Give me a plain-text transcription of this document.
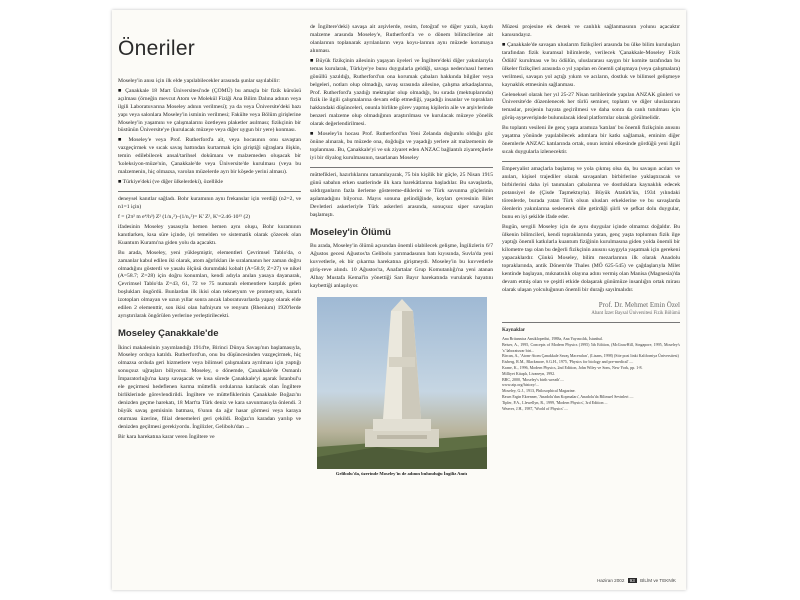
Öneriler

Moseley'in anısı için ilk elde yapılabilecekler arasında şunlar sayılabilir:

■ Çanakkale 18 Mart Üniversitesi'nde (ÇOMÜ) bu amaçla bir fizik kürsüsü açılması (örneğin mevcut Atom ve Molekül Fiziği Ana Bilim Dalına adının veya ilgili Laboratuvarına Moseley adının verilmesi); ya da veya Üniversite'deki bazı yapı veya salonlara Moseley'in isminin verilmesi; Fakülte veya Bölüm girişlerine Moseley'in yaşamını ve çalışmalarını özetleyen plaketler asılması; fizikçinin bir büstünün Üniversite'ye (kurulacak müzeye veya diğer uygun bir yere) konması.

■ Moseley'e veya Prof. Rutherford'a ait, veya hocasının onu savaştan vazgeçirmek ve sıcak savaş hattından kurtarmak için giriştiği uğraşlara ilişkin, temin edilebilecek ansal/tarihsel dokümanı ve malzemeden oluşacak bir 'koleksiyon-müze'nin, Çanakkale'de veya Üniversite'de kurulması (veya bu malzemenin, hiç olmazsa, varolan müzelerde ayrı bir köşede yerini alması).

■ Türkiye'deki (ve diğer ülkelerdeki), özellikle

deneysel kanıtlar sağladı. Bohr kuramının aynı frekanslar için verdiği (n2=2, ve n1=1 için)

f = (2π² m e⁴/h³) Z² (1/n₁²)–(1/n₂²)= K' Z², K'=2.46·10¹⁵ (2)

ifadesinin Moseley yasasıyla hemen hemen aynı oluşu, Bohr kuramının kanıtlarken, kısa süre içinde, iyi temelden ve sistematik olarak çözecek olan Kuantum Kuramı'na giden yolu da açacaktı.

Bu arada, Moseley, yeni yükleşmiştir, elementleri Çevrimsel Tablo'da, o zamanlar kabul edilen iki olarak, atom ağırlıkları ile sıralamanın her zaman doğru olmadığını gösterdi ve yasalu ölçüsü durumdaki kobalt (A=58.9; Z=27) ve nikel (A=58.7; Z=28) için doğru konumları, kendi adıyla anılan yasaya dayanarak, Çevrimsel Tablo'da Z=43, 61, 72 ve 75 numaralı elementlere karşılık gelen boşlukları öngördü. Bunlardan ilk ikisi olan teknetyum ve prometyum, kararlı izotopları olmayan ve uzun yıllar sonra ancak laboratuvarlarda yapay olarak elde edilen 2 elementtir, son ikisi olan hafniyum ve renyum (Rhenium) 1920'lerde ayrıştırılarak öngörülen yerlerine yerleştirilecekti.

Moseley Çanakkale'de

İkinci makalesinin yayımlandığı 1914'te, Birinci Dünya Savaşı'nın başlamasıyla, Moseley orduya katıldı. Rutherford'un, onu bu düşüncesinden vazgeçirmek, hiç olmazsa orduda geri hizmetlere veya bilimsel çalışmalara ayrılması için yaptığı sonuçsuz uğraşları biliyoruz. Moseley, o dönemde, Çanakkale'de Osmanlı İmparatorluğu'na karşı savaşacak ve kısa sürede Çanakkale'yi aşarak İstanbul'u ele geçirmesi hedeflenen karma müttefik ordularına katılacak olan İngiltere birliklerinde görevlendirildi. İngiltere ve müttefiklerinin Çanakkale Boğazı'nı denizden geçme harekatı, 18 Mart'ta Türk deniz ve kara savunmasıyla önlendi. 3 büyük savaş gemisinin batması, 6'sının da ağır hasar görmesi veya karaya oturması üzerine, filial denemeleri geri çekildi. Boğaz'ın karadan yarılıp ve denizden geçilmesi gerekiyordu. İngilizler, Gelibolu'dan ...

Bir kara harekatına karar veren İngiltere ve

de İngiltere'deki) savaşa ait arşivlerde, resim, fotoğraf ve diğer yazılı, kaydı malzeme arasında Moseley'e, Rutherford'a ve o dönem bilimcilerine ait olanlarının toplanarak ayrılanların veya koyu-larının aynı müzede korumaya alınması.

■ Büyük fizikçinin ailesinin yaşayan üyeleri ve İngiltere'deki diğer yakınlarıyla temas kurularak, Türkiye'ye bunu duygularla geldiği, savaşa neden/nasıl hemen gönüllü yazıldığı, Rutherford'un ona korumak çabaları hakkında bilgiler veya belgeleri, notları olup olmadığı, savaş sırasında ailesine, çalışma arkadaşlarına, Prof. Rutherford'a yazdığı mektuplar olup olmadığı, bu sırada (mektuplarında) fizik ile ilgili çalışmalarına devam edip etmediği, yaşadığı insanlar ve toprakları hakkındaki düşünceleri, onunla birlikte görev yapmış kişilerin aile ve arşivlerinde benzeri malzeme olup olmadığının araştırılması ve kurulacak müzeye yönelik olarak değerlendirilmesi.

■ Moseley'in hocası Prof. Rutherford'un Yeni Zelanda doğumlu olduğu göz önüne alınarak, bu müzede ona, doğduğu ve yaşadığı yerlere ait malzemenin de toplanması. Bu, Çanakkale'yi ve sık ziyaret eden ANZAC bağlantılı ziyaretçilerle iyi bir diyalog kurulmasının, tasarlanan Moseley

müttefikleri, hazırlıklarını tamamlayarak, 75 bin kişilik bir güçle, 25 Nisan 1915 günü sabahın erken saatlerinde ilk kara harekâtlarına başladılar. Bu savaşlarda, saldırganların fazla ilerleme göstereme-diklerini ve Türk savunma güçlerinin aşılamadığını bilyoruz. Mayıs sonuna gelindiğinde, koyları çevresinin Bilet Devletleri askerleriyle Türk askerleri arasında, sonuçsuz siper savaşları başlamıştı.

Moseley'in Ölümü

Bu arada, Moseley'in ölümü açısından önemli olabilecek gelişme, İngilizlerin 6/7 Ağustos gecesi Ağustos'ta Gelibolu yarımadasının batı kıyısında, Suvla'da yeni kuvvetlerle, ek bir çıkarma harekatına girişmeydi. Moseley'in bu kuvvetlerle giriş-reve alındı. 10 Ağustos'ta, Anafartalar Grup Komutanlığı'na yeni atanan Albay Mustafa Kemal'in yönettiği Sarı Bayır harekatında vurularak hayatını kaybettiği anlaşılıyor.

Gelibolu'da, üzerinde Moseley'in de adının bulunduğu İngiliz Anıtı

Müzesi projesine ek destek ve canlılık sağlanmasının yolunu açacaktır kanısındayız.

■ Çanakkale'de savaşan uluslarım fizikçileri arasında bu ülke bilim kuruluşları tarafından fizik kuramsal bilimlerde, verilecek 'Çanakkale-Moseley Fizik Ödülü' kurulması ve bu ödülün, uluslararası saygın bir komite tarafından bu ülkeler fizikçileri arasında o yıl yapılan en önemli çalışmaya (veya çalışmalara) verilmesi, savaşın yol açtığı yıkım ve acıların, dostluk ve bilimsel gelişmeye kaynaklık etmesinin sağlanması.

Geleneksel olarak her yıl 25-27 Nisan tarihlerinde yapılan ANZAK günleri ve Üniversite'de düzenlenecek her türlü seminer, toplantı ve diğer uluslararası temaslar, projenin hayata geçirilmesi ve daha sonra da canlı tutulması için görüş-ayşeverişinde bulunulacak ideal platformlar olarak görülmelidir.

Bu toplantı vesileni ile genç yaşta aramıza 'katılan' bu önemli fizikçinin anısını yaşatma yönünde yapılabilecek adımlara bir katkı sağlamak, eminim diğer önemlerle ANZAC katılarında ortak, onun ismini elkesinde gördüğü yeni ilgili sıcak duygularla izlenecektir.

Emperyalist amaçlarla başlamış ve yola çıkmış olsa da, bu savaşın acıları ve anıları, kişisel trajediler olarak savaşanları birbirlerine yaklaştıracak ve birbirlerini daha iyi tanımaları çabalarına ve dostluklara kaynaklık edecek potansiyel de (Çisde Taşmektuyla). Büyük Atatürk'ün, 1934 yılındaki törenlerde, burada yatan Türk olsun ulusları erkeklerine ve bu savaşlarda ölenlerin yakınlarına seslenerek dile getirdiği şiirli ve şefkat dolu duygular, bunu en iyi şekilde ifade eder.

Bugün, sevgili Moseley için de aynı duygular içinde olmamız doğaldır. Bu ülkenin bilimcileri, kendi topraklarında yatan, genç yaşta toplumun fizik ilge yaptığı önemli katkılarla kuantum fiziğinin kurulmasına giden yolda önemli bir kilometre taşı olan bu değerli fizikçinin anısını saygıyla yaşatmak için gerekeni yapacaklardır. Çünkü Moseley, bilim mezarlarının ilk olarak Anadolu topraklarında, antik Dönem'de Thales (MÖ 625-545) ve çağdaşlarıyla Milet kentinde başlayan, mıknatıslık olayına adını vermiş olan Manisa (Magnesia)'da devam etmiş olan ve çeşitli etkide dolaşarak günümüze insanlığın ortak mirası olarak ulaşan yolculuğunun önemli bir durağı sayılmalıdır.

Prof. Dr. Mehmet Emin Özel
Abant İzzet Baysal Üniversitesi Fizik Bölümü
Kaynaklar
Ana Britannica Ansiklopedisi, 1988a, Ana Yayıncılık, İstanbul.
Beiser, A., 1995, Concepts of Modern Physics (1995) 5th Edition, (McGrawHill, Singapore, 1995, Moseley's 'x' laboratuvar biri...
Bircan, A., 'Atom-Atom Çanakkale Savaş Maceraları', (Lisans, 1998) (Site pozi linki Kaliforniya Üniversitesi)
Eisberg, R.M., Blackmore, S.G.H., 1975, 'Physics for biology and pre-medical' ....
Krane, K., 1996, Modern Physics, 2nd Edition, John Wiley ve Sons, New York, pp. 1-8.
Milliyet Kitaplı, Livaneyn, 1992.
BBC, 2000, 'Moseley's birth wreath'....
www.aip.org/history/...
Moseley, G.J., 1913, Philosophical Magazine.
Rawn Ergin Ekrenner, 'Anadolu'dan Kopmaları', Anadolu'da Bilimsel Sevinleri ....
Tipler, P.A., Llewellyn, R., 1999, 'Modern Physics', 3rd Edition ...
Weaver, J.H., 1987, 'World of Physics' ....
Haziran 2002 93 BİLİM ve TEKNİK
